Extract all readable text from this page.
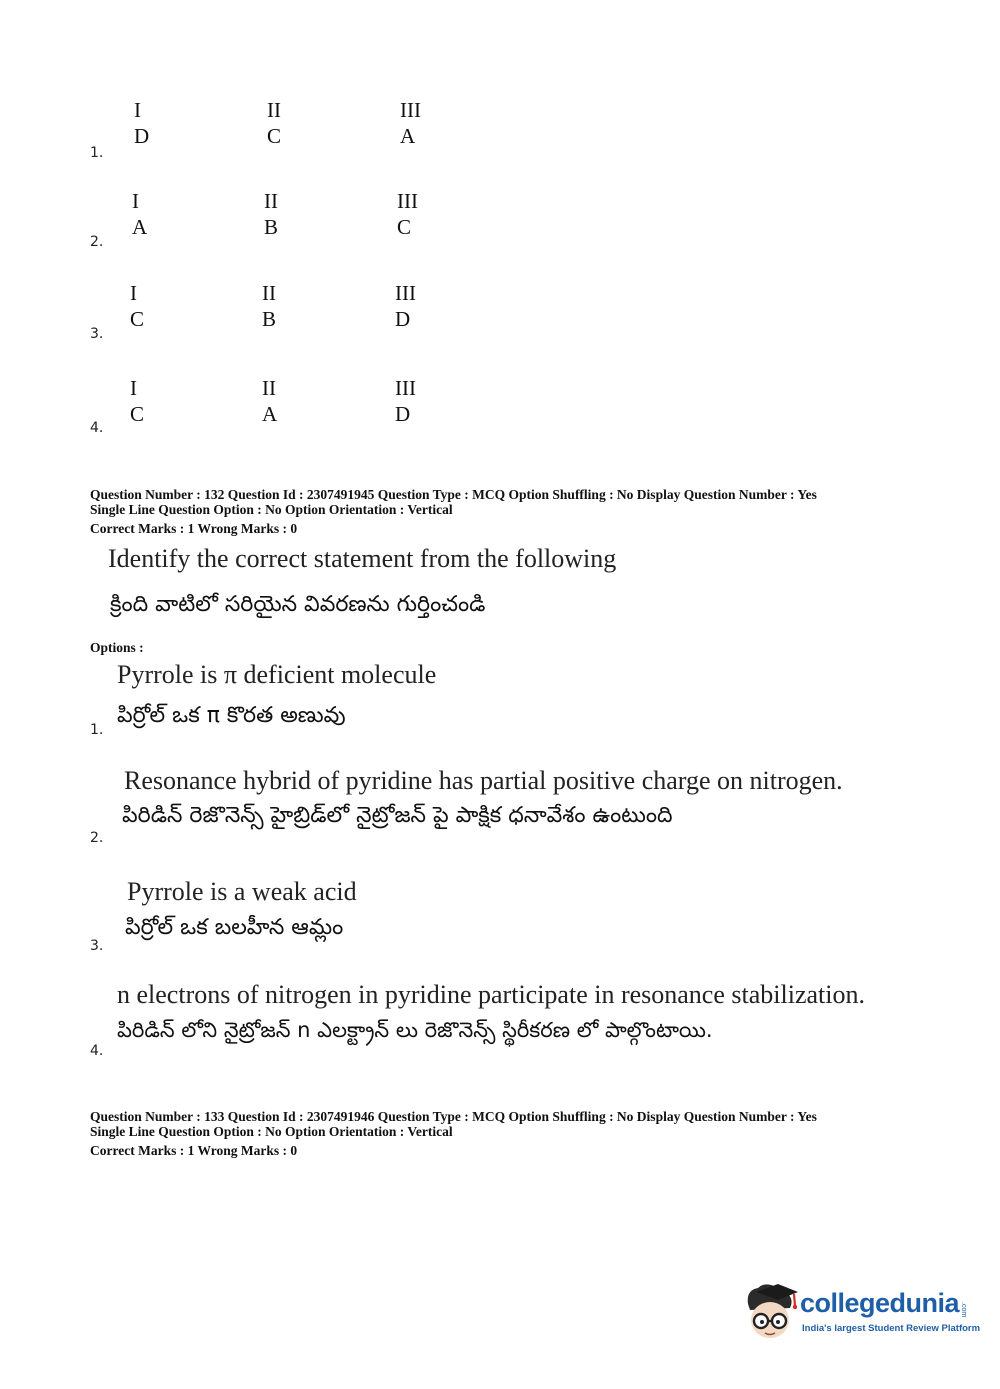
1.
I	II	III
D	C	A
2.
I	II	III
A	B	C
3.
I	II	III
C	B	D
4.
I	II	III
C	A	D
Question Number : 132 Question Id : 2307491945 Question Type : MCQ Option Shuffling : No Display Question Number : Yes
Single Line Question Option : No Option Orientation : Vertical
Correct Marks : 1 Wrong Marks : 0
Identify the correct statement from the following
క్రింది వాటిలో సరియైన వివరణను గుర్తించండి
Options :
Pyrrole is π deficient molecule
పిర్రోల్ ఒక π కొరత అణువు
1.
Resonance hybrid of pyridine has partial positive charge on nitrogen.
పిరిడిన్ రెజొనెన్స్ హైబ్రిడ్‌లో నైట్రోజన్ పై పాక్షిక ధనావేశం ఉంటుంది
2.
Pyrrole is a weak acid
పిర్రోల్ ఒక బలహీన ఆమ్లం
3.
n electrons of nitrogen in pyridine participate in resonance stabilization.
పిరిడిన్ లోని నైట్రోజన్ n ఎలక్ట్రాన్ లు రెజొనెన్స్ స్థిరీకరణ లో పాల్గొంటాయి.
4.
Question Number : 133 Question Id : 2307491946 Question Type : MCQ Option Shuffling : No Display Question Number : Yes
Single Line Question Option : No Option Orientation : Vertical
Correct Marks : 1 Wrong Marks : 0
collegedunia .com
India's largest Student Review Platform
